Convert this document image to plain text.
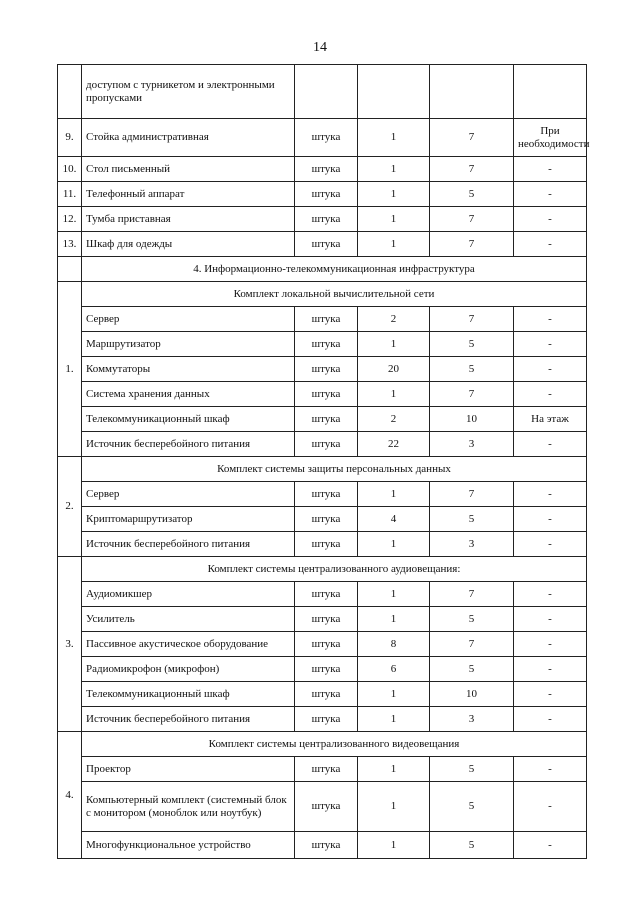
14
	доступом с турникетом и электронными пропусками				
9.	Стойка административная	штука	1	7	При необходимости
10.	Стол письменный	штука	1	7	-
11.	Телефонный аппарат	штука	1	5	-
12.	Тумба приставная	штука	1	7	-
13.	Шкаф для одежды	штука	1	7	-
	4. Информационно-телекоммуникационная инфраструктура				
1.	Комплект локальной вычислительной сети				
	Сервер	штука	2	7	-
	Маршрутизатор	штука	1	5	-
	Коммутаторы	штука	20	5	-
	Система хранения данных	штука	1	7	-
	Телекоммуникационный шкаф	штука	2	10	На этаж
	Источник бесперебойного питания	штука	22	3	-
2.	Комплект системы защиты персональных данных				
	Сервер	штука	1	7	-
	Криптомаршрутизатор	штука	4	5	-
	Источник бесперебойного питания	штука	1	3	-
3.	Комплект системы централизованного аудиовещания:				
	Аудиомикшер	штука	1	7	-
	Усилитель	штука	1	5	-
	Пассивное акустическое оборудование	штука	8	7	-
	Радиомикрофон (микрофон)	штука	6	5	-
	Телекоммуникационный шкаф	штука	1	10	-
	Источник бесперебойного питания	штука	1	3	-
4.	Комплект системы централизованного видеовещания				
	Проектор	штука	1	5	-
	Компьютерный комплект (системный блок с монитором (моноблок или ноутбук)	штука	1	5	-
	Многофункциональное устройство	штука	1	5	-
